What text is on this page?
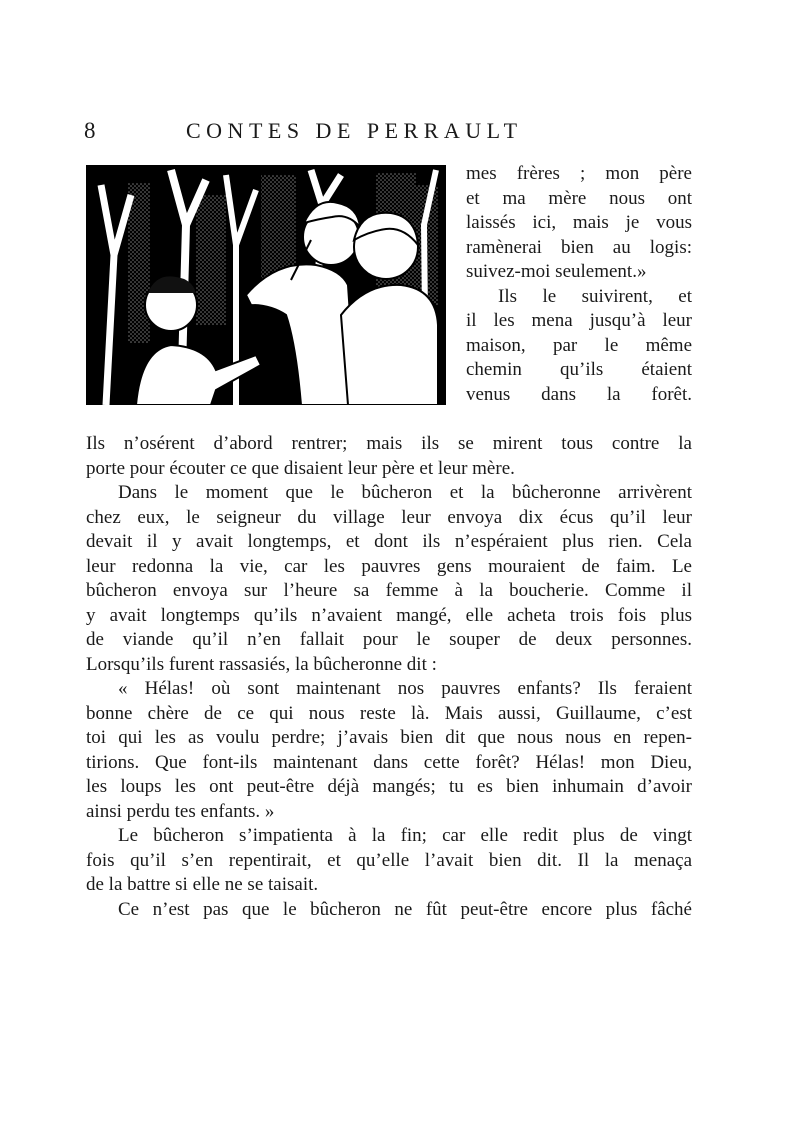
8	CONTES DE PERRAULT
mes frères ; mon père
et ma mère nous ont
laissés ici, mais je vous
ramènerai bien au logis:
suivez-moi seulement.»
Ils le suivirent, et
il les mena jusqu’à leur
maison, par le même
chemin qu’ils étaient
venus dans la forêt.
Ils n’osérent d’abord rentrer; mais ils se mirent tous contre la
porte pour écouter ce que disaient leur père et leur mère.
Dans le moment que le bûcheron et la bûcheronne arrivèrent
chez eux, le seigneur du village leur envoya dix écus qu’il leur
devait il y avait longtemps, et dont ils n’espéraient plus rien. Cela
leur redonna la vie, car les pauvres gens mouraient de faim. Le
bûcheron envoya sur l’heure sa femme à la boucherie. Comme il
y avait longtemps qu’ils n’avaient mangé, elle acheta trois fois plus
de viande qu’il n’en fallait pour le souper de deux personnes.
Lorsqu’ils furent rassasiés, la bûcheronne dit :
« Hélas! où sont maintenant nos pauvres enfants? Ils feraient
bonne chère de ce qui nous reste là. Mais aussi, Guillaume, c’est
toi qui les as voulu perdre; j’avais bien dit que nous nous en repen-
tirions. Que font-ils maintenant dans cette forêt? Hélas! mon Dieu,
les loups les ont peut-être déjà mangés; tu es bien inhumain d’avoir
ainsi perdu tes enfants. »
Le bûcheron s’impatienta à la fin; car elle redit plus de vingt
fois qu’il s’en repentirait, et qu’elle l’avait bien dit. Il la menaça
de la battre si elle ne se taisait.
Ce n’est pas que le bûcheron ne fût peut-être encore plus fâché
